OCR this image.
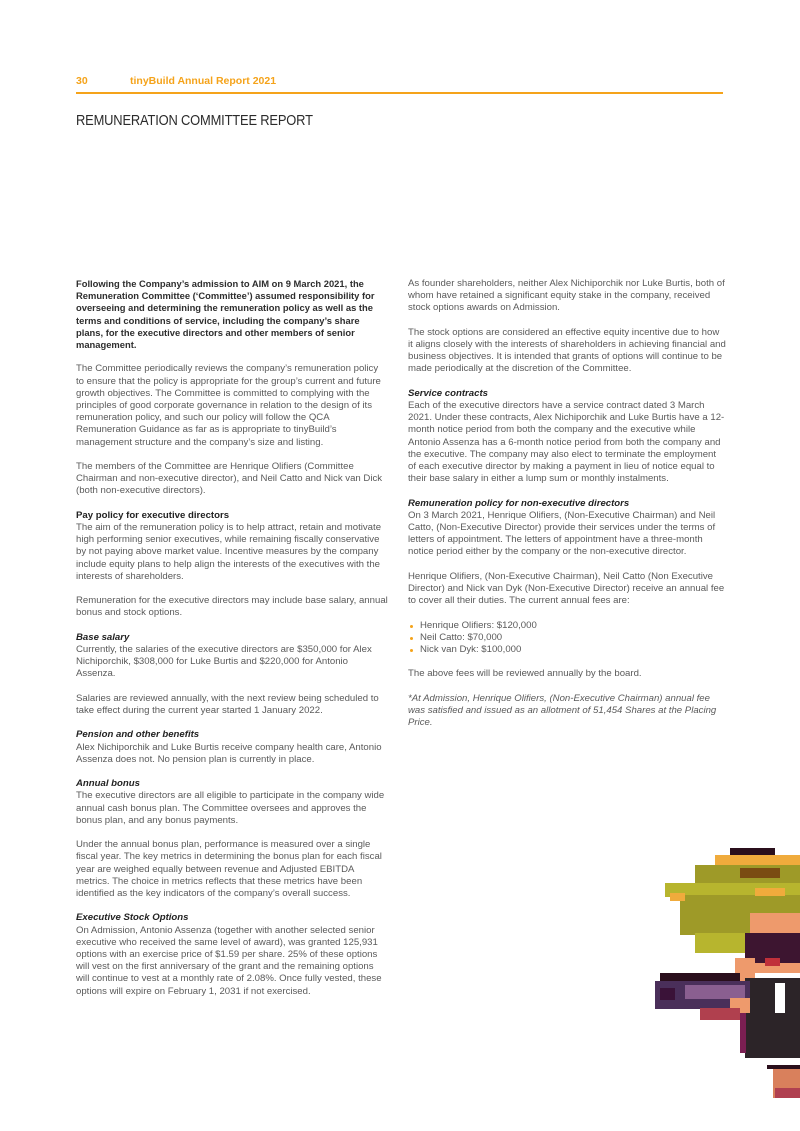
30	tinyBuild Annual Report 2021
REMUNERATION COMMITTEE REPORT

Following the Company’s admission to AIM on 9 March 2021, the Remuneration Committee (‘Committee’) assumed responsibility for overseeing and determining the remuneration policy as well as the terms and conditions of service, including the company’s share plans, for the executive directors and other members of senior management.

The Committee periodically reviews the company’s remuneration policy to ensure that the policy is appropriate for the group’s current and future growth objectives. The Committee is committed to complying with the principles of good corporate governance in relation to the design of its remuneration policy, and such our policy will follow the QCA Remuneration Guidance as far as is appropriate to tinyBuild’s management structure and the company’s size and listing.

The members of the Committee are Henrique Olifiers (Committee Chairman and non-executive director), and Neil Catto and Nick van Dick (both non-executive directors).

Pay policy for executive directors

The aim of the remuneration policy is to help attract, retain and motivate high performing senior executives, while remaining fiscally conservative by not paying above market value. Incentive measures by the company include equity plans to help align the interests of the executives with the interests of shareholders.

Remuneration for the executive directors may include base salary, annual bonus and stock options.

Base salary

Currently, the salaries of the executive directors are $350,000 for Alex Nichiporchik, $308,000 for Luke Burtis and $220,000 for Antonio Assenza.

Salaries are reviewed annually, with the next review being scheduled to take effect during the current year started 1 January 2022.

Pension and other benefits

Alex Nichiporchik and Luke Burtis receive company health care, Antonio Assenza does not. No pension plan is currently in place.

Annual bonus

The executive directors are all eligible to participate in the company wide annual cash bonus plan. The Committee oversees and approves the bonus plan, and any bonus payments.

Under the annual bonus plan, performance is measured over a single fiscal year. The key metrics in determining the bonus plan for each fiscal year are weighed equally between revenue and Adjusted EBITDA metrics. The choice in metrics reflects that these metrics have been identified as the key indicators of the company’s overall success.

Executive Stock Options

On Admission, Antonio Assenza (together with another selected senior executive who received the same level of award), was granted 125,931 options with an exercise price of $1.59 per share. 25% of these options will vest on the first anniversary of the grant and the remaining options will continue to vest at a monthly rate of 2.08%. Once fully vested, these options will expire on February 1, 2031 if not exercised.

As founder shareholders, neither Alex Nichiporchik nor Luke Burtis, both of whom have retained a significant equity stake in the company, received stock options awards on Admission.

The stock options are considered an effective equity incentive due to how it aligns closely with the interests of shareholders in achieving financial and business objectives. It is intended that grants of options will continue to be made periodically at the discretion of the Committee.

Service contracts

Each of the executive directors have a service contract dated 3 March 2021. Under these contracts, Alex Nichiporchik and Luke Burtis have a 12-month notice period from both the company and the executive while Antonio Assenza has a 6-month notice period from both the company and the executive. The company may also elect to terminate the employment of each executive director by making a payment in lieu of notice equal to their base salary in either a lump sum or monthly instalments.

Remuneration policy for non-executive directors

On 3 March 2021, Henrique Olifiers, (Non-Executive Chairman) and Neil Catto, (Non-Executive Director) provide their services under the terms of letters of appointment. The letters of appointment have a three-month notice period either by the company or the non-executive director.

Henrique Olifiers, (Non-Executive Chairman), Neil Catto (Non Executive Director) and Nick van Dyk (Non-Executive Director) receive an annual fee to cover all their duties. The current annual fees are:

Henrique Olifiers: $120,000
Neil Catto: $70,000
Nick van Dyk: $100,000

The above fees will be reviewed annually by the board.

*At Admission, Henrique Olifiers, (Non-Executive Chairman) annual fee was satisfied and issued as an allotment of 51,454 Shares at the Placing Price.
